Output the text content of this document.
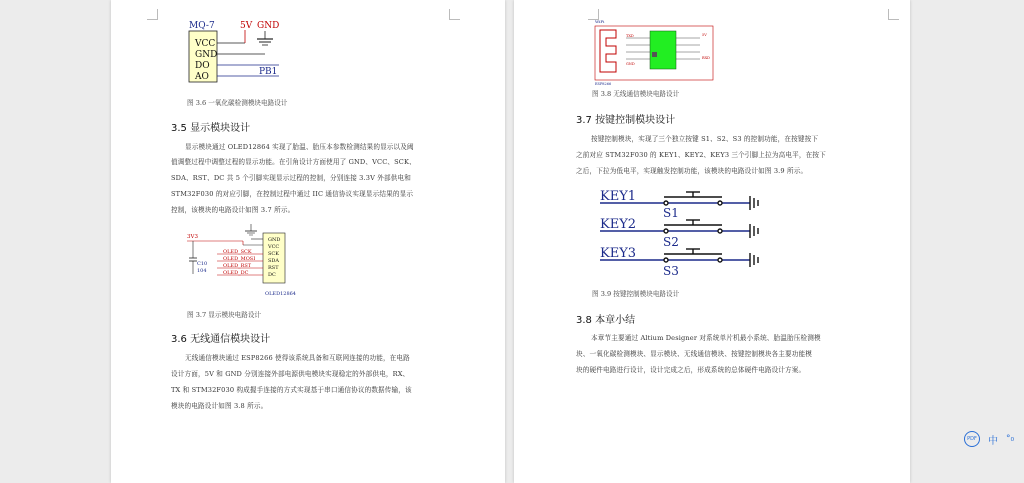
MQ-7
VCC
GND
DO
AO
5V GND
PB1
图 3.6 一氧化碳检测模块电路设计
3.5 显示模块设计
显示模块通过 OLED12864 实现了胎温、胎压本参数检测结果的显示以及阈
值调整过程中调整过程的显示功能。在引角设计方面使用了 GND、VCC、SCK、
SDA、RST、DC 共 5 个引脚实现显示过程的控制，分别连接 3.3V 外部供电和
STM32F030 的对应引脚，在控制过程中通过 IIC 通信协议实现显示结果的显示
控制，该模块的电路设计如图 3.7 所示。
3V3
C10
104
OLED_SCK
OLED_MOSI
OLED_RST
OLED_DC
GND
VCC
SCK
SDA
RST
DC
OLED12864
图 3.7 显示模块电路设计
3.6 无线通信模块设计
无线通信模块通过 ESP8266 使得该系统具备和互联网连接的功能，在电路
设计方面，5V 和 GND 分别连接外部电源供电模块实现稳定的外部供电，RX、
TX 和 STM32F030 构成握手连接的方式实现基于串口通信协议的数据传输，该
模块的电路设计如图 3.8 所示。
WiFi
TXD
GND
RXD
5V
ESP8266
图 3.8 无线通信模块电路设计
3.7 按键控制模块设计
按键控制模块，实现了三个独立按键 S1、S2、S3 的控制功能，在按键按下
之前对应 STM32F030 的 KEY1、KEY2、KEY3 三个引脚上拉为高电平，在按下
之后，下拉为低电平，实现触发控制功能，该模块的电路设计如图 3.9 所示。
KEY1
KEY2
KEY3
S1
S2
S3
图 3.9 按键控制模块电路设计
3.8 本章小结
本章节主要通过 Altium Designer 对系统单片机最小系统、胎温胎压检测模
块、一氧化碳检测模块、显示模块、无线通信模块、按键控制模块各主要功能模
块的硬件电路进行设计，设计完成之后，形成系统的总体硬件电路设计方案。
PDF	中 °₀
